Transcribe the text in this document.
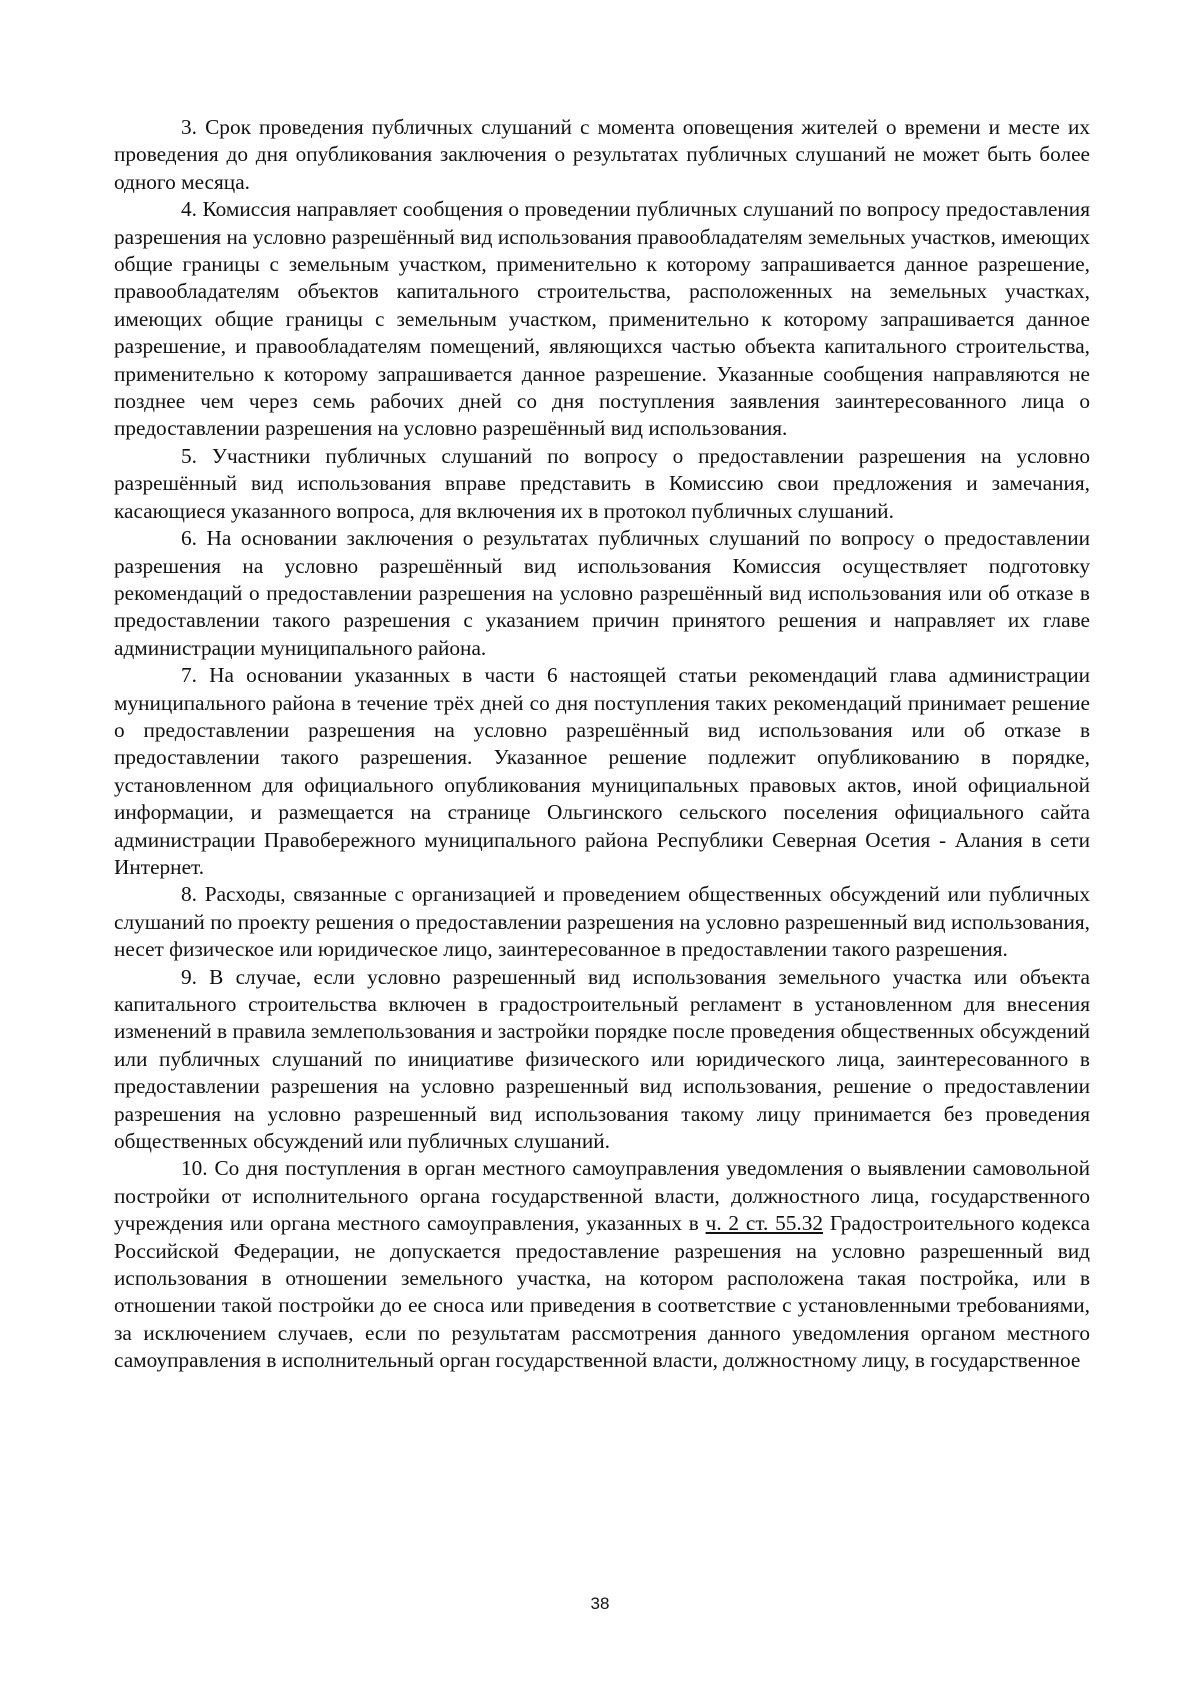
3. Срок проведения публичных слушаний с момента оповещения жителей о времени и месте их проведения до дня опубликования заключения о результатах публичных слушаний не может быть более одного месяца.

4. Комиссия направляет сообщения о проведении публичных слушаний по вопросу предоставления разрешения на условно разрешённый вид использования правообладателям земельных участков, имеющих общие границы с земельным участком, применительно к которому запрашивается данное разрешение, правообладателям объектов капитального строительства, расположенных на земельных участках, имеющих общие границы с земельным участком, применительно к которому запрашивается данное разрешение, и правообладателям помещений, являющихся частью объекта капитального строительства, применительно к которому запрашивается данное разрешение. Указанные сообщения направляются не позднее чем через семь рабочих дней со дня поступления заявления заинтересованного лица о предоставлении разрешения на условно разрешённый вид использования.

5. Участники публичных слушаний по вопросу о предоставлении разрешения на условно разрешённый вид использования вправе представить в Комиссию свои предложения и замечания, касающиеся указанного вопроса, для включения их в протокол публичных слушаний.

6. На основании заключения о результатах публичных слушаний по вопросу о предоставлении разрешения на условно разрешённый вид использования Комиссия осуществляет подготовку рекомендаций о предоставлении разрешения на условно разрешённый вид использования или об отказе в предоставлении такого разрешения с указанием причин принятого решения и направляет их главе администрации муниципального района.

7. На основании указанных в части 6 настоящей статьи рекомендаций глава администрации муниципального района в течение трёх дней со дня поступления таких рекомендаций принимает решение о предоставлении разрешения на условно разрешённый вид использования или об отказе в предоставлении такого разрешения. Указанное решение подлежит опубликованию в порядке, установленном для официального опубликования муниципальных правовых актов, иной официальной информации, и размещается на странице Ольгинского сельского поселения официального сайта администрации Правобережного муниципального района Республики Северная Осетия - Алания в сети Интернет.

8. Расходы, связанные с организацией и проведением общественных обсуждений или публичных слушаний по проекту решения о предоставлении разрешения на условно разрешенный вид использования, несет физическое или юридическое лицо, заинтересованное в предоставлении такого разрешения.

9. В случае, если условно разрешенный вид использования земельного участка или объекта капитального строительства включен в градостроительный регламент в установленном для внесения изменений в правила землепользования и застройки порядке после проведения общественных обсуждений или публичных слушаний по инициативе физического или юридического лица, заинтересованного в предоставлении разрешения на условно разрешенный вид использования, решение о предоставлении разрешения на условно разрешенный вид использования такому лицу принимается без проведения общественных обсуждений или публичных слушаний.

10. Со дня поступления в орган местного самоуправления уведомления о выявлении самовольной постройки от исполнительного органа государственной власти, должностного лица, государственного учреждения или органа местного самоуправления, указанных в ч. 2 ст. 55.32 Градостроительного кодекса Российской Федерации, не допускается предоставление разрешения на условно разрешенный вид использования в отношении земельного участка, на котором расположена такая постройка, или в отношении такой постройки до ее сноса или приведения в соответствие с установленными требованиями, за исключением случаев, если по результатам рассмотрения данного уведомления органом местного самоуправления в исполнительный орган государственной власти, должностному лицу, в государственное

38
